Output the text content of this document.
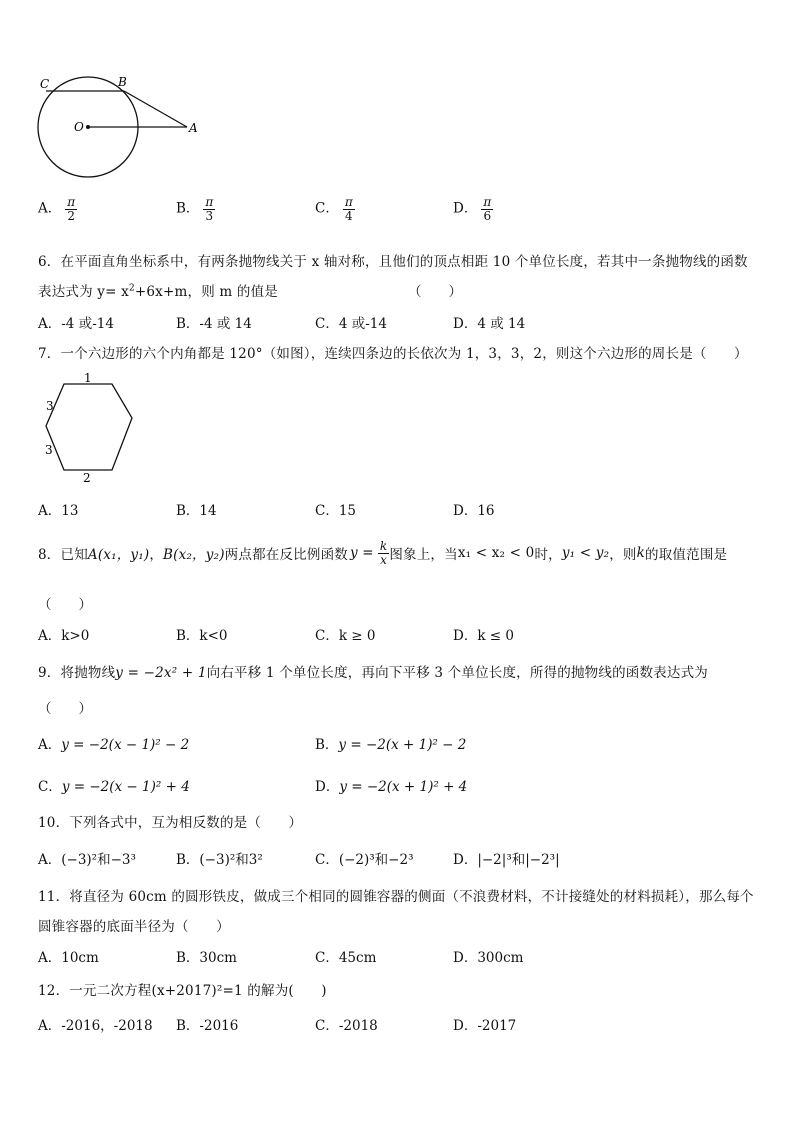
C	B
O	A
A． $\frac{\pi}{2}$	B． $\frac{\pi}{3}$	C． $\frac{\pi}{4}$	D． $\frac{\pi}{6}$
6．在平面直角坐标系中，有两条抛物线关于 x 轴对称，且他们的顶点相距 10 个单位长度，若其中一条抛物线的函数
表达式为 $y= x^2+6x+m$，则 m 的值是	（　　）
A．-4 或-14	B．-4 或 14	C．4 或-14	D．4 或 14
7．一个六边形的六个内角都是 120°（如图），连续四条边的长依次为 1，3，3，2，则这个六边形的周长是（　　）
1
3
3
2
A．13	B．14	C．15	D．16
8．已知 A(x₁，y₁) ， B(x₂，y₂) 两点都在反比例函数 $y = \frac{k}{x}$ 图象上，当 x₁ < x₂ < 0 时， y₁ < y₂ ，则 k 的取值范围是
（　　）
A．k>0	B．k<0	C．k ≥ 0	D．k ≤ 0
9．将抛物线y = −2x² + 1向右平移 1 个单位长度，再向下平移 3 个单位长度，所得的抛物线的函数表达式为
（　　）
A．y = −2(x − 1)² − 2	B．y = −2(x + 1)² − 2
C．y = −2(x − 1)² + 4	D．y = −2(x + 1)² + 4
10．下列各式中，互为相反数的是（　　）
A．(−3)²和−3³	B．(−3)²和3²	C．(−2)³和−2³	D．|−2|³和|−2³|
11．将直径为 60cm 的圆形铁皮，做成三个相同的圆锥容器的侧面（不浪费材料，不计接缝处的材料损耗），那么每个
圆锥容器的底面半径为（　　）
A．10cm	B．30cm	C．45cm	D．300cm
12．一元二次方程(x+2017)²=1 的解为(　　)
A．-2016，-2018 B．-2016	C．-2018	D．-2017
